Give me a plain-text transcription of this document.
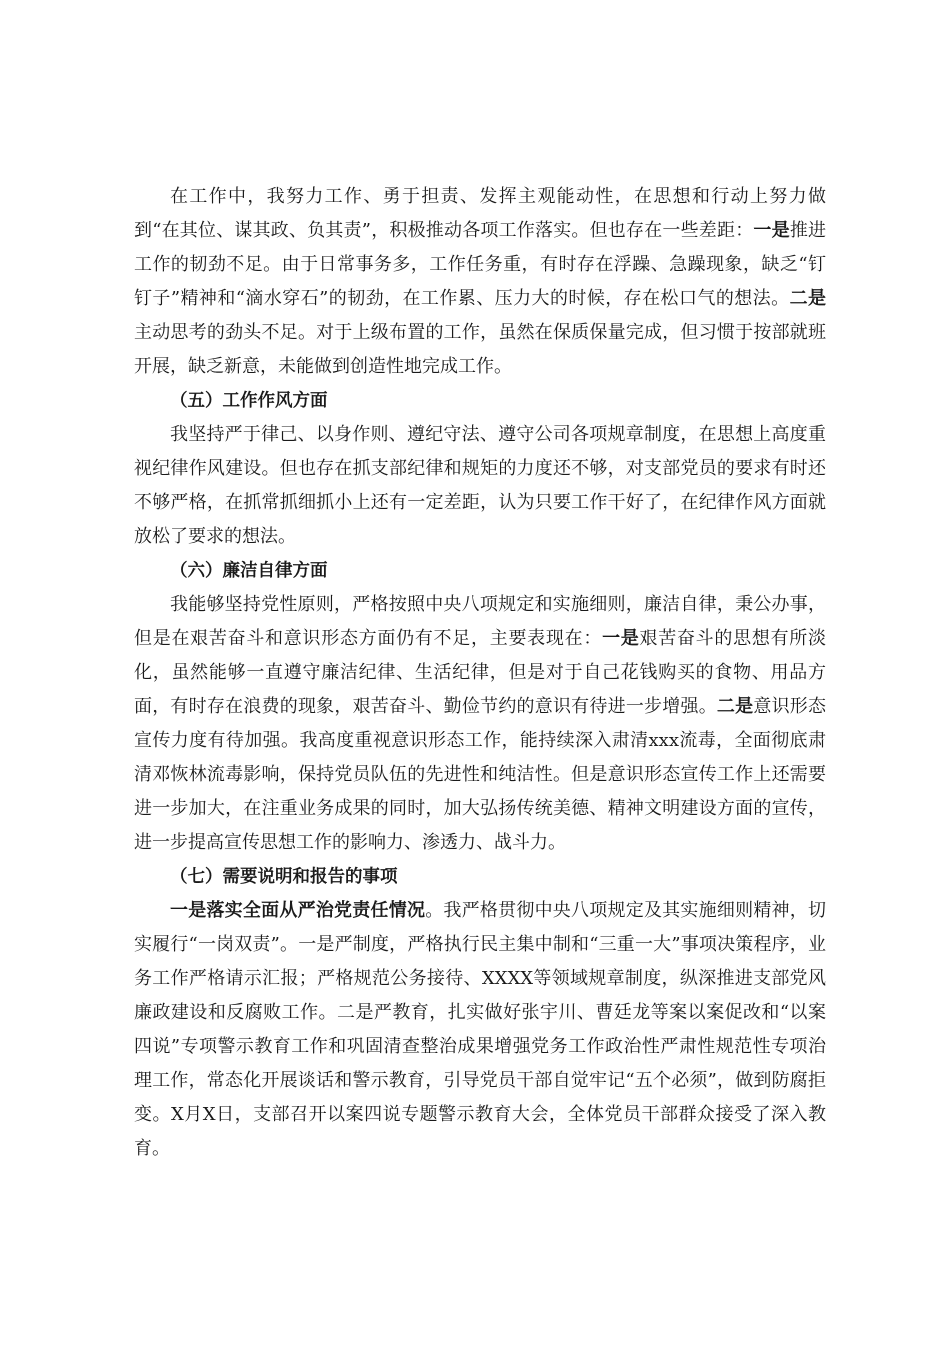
在工作中，我努力工作、勇于担责、发挥主观能动性，在思想和行动上努力做到“在其位、谋其政、负其责”，积极推动各项工作落实。但也存在一些差距：一是推进工作的韧劲不足。由于日常事务多，工作任务重，有时存在浮躁、急躁现象，缺乏“钉钉子”精神和“滴水穿石”的韧劲，在工作累、压力大的时候，存在松口气的想法。二是主动思考的劲头不足。对于上级布置的工作，虽然在保质保量完成，但习惯于按部就班开展，缺乏新意，未能做到创造性地完成工作。

（五）工作作风方面

我坚持严于律己、以身作则、遵纪守法、遵守公司各项规章制度，在思想上高度重视纪律作风建设。但也存在抓支部纪律和规矩的力度还不够，对支部党员的要求有时还不够严格，在抓常抓细抓小上还有一定差距，认为只要工作干好了，在纪律作风方面就放松了要求的想法。

（六）廉洁自律方面

我能够坚持党性原则，严格按照中央八项规定和实施细则，廉洁自律，秉公办事，但是在艰苦奋斗和意识形态方面仍有不足，主要表现在：一是艰苦奋斗的思想有所淡化，虽然能够一直遵守廉洁纪律、生活纪律，但是对于自己花钱购买的食物、用品方面，有时存在浪费的现象，艰苦奋斗、勤俭节约的意识有待进一步增强。二是意识形态宣传力度有待加强。我高度重视意识形态工作，能持续深入肃清xxx流毒，全面彻底肃清邓恢林流毒影响，保持党员队伍的先进性和纯洁性。但是意识形态宣传工作上还需要进一步加大，在注重业务成果的同时，加大弘扬传统美德、精神文明建设方面的宣传，进一步提高宣传思想工作的影响力、渗透力、战斗力。

（七）需要说明和报告的事项

一是落实全面从严治党责任情况。我严格贯彻中央八项规定及其实施细则精神，切实履行“一岗双责”。一是严制度，严格执行民主集中制和“三重一大”事项决策程序，业务工作严格请示汇报；严格规范公务接待、XXXX等领域规章制度，纵深推进支部党风廉政建设和反腐败工作。二是严教育，扎实做好张宇川、曹廷龙等案以案促改和“以案四说”专项警示教育工作和巩固清查整治成果增强党务工作政治性严肃性规范性专项治理工作，常态化开展谈话和警示教育，引导党员干部自觉牢记“五个必须”，做到防腐拒变。X月X日，支部召开以案四说专题警示教育大会，全体党员干部群众接受了深入教育。
